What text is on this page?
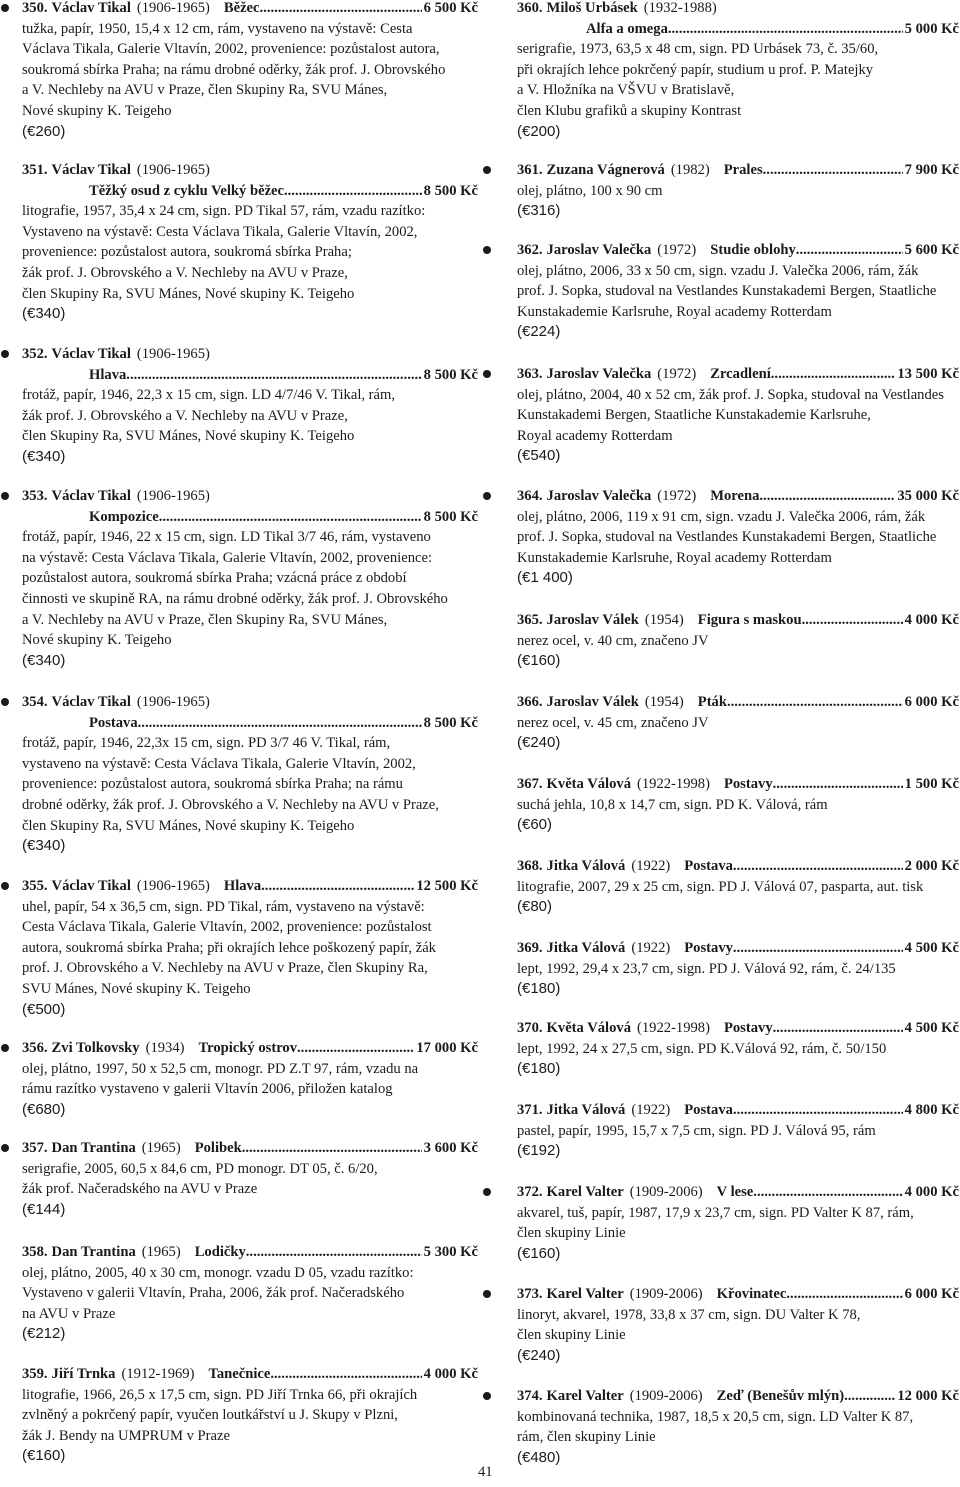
350. Václav Tikal (1906-1965) Běžec .....	6 500 Kč
tužka, papír, 1950, 15,4 x 12 cm, rám, vystaveno na výstavě: Cesta
Václava Tikala, Galerie Vltavín, 2002, provenience: pozůstalost autora,
soukromá sbírka Praha; na rámu drobné oděrky, žák prof. J. Obrovského
a V. Nechleby na AVU v Praze, člen Skupiny Ra, SVU Mánes,
Nové skupiny K. Teigeho
(€260)
351. Václav Tikal (1906-1965)
Těžký osud z cyklu Velký běžec .....	8 500 Kč
litografie, 1957, 35,4 x 24 cm, sign. PD Tikal 57, rám, vzadu razítko:
Vystaveno na výstavě: Cesta Václava Tikala, Galerie Vltavín, 2002,
provenience: pozůstalost autora, soukromá sbírka Praha;
žák prof. J. Obrovského a V. Nechleby na AVU v Praze,
člen Skupiny Ra, SVU Mánes, Nové skupiny K. Teigeho
(€340)
352. Václav Tikal (1906-1965)
Hlava .....	8 500 Kč
frotáž, papír, 1946, 22,3 x 15 cm, sign. LD 4/7/46 V. Tikal, rám,
žák prof. J. Obrovského a V. Nechleby na AVU v Praze,
člen Skupiny Ra, SVU Mánes, Nové skupiny K. Teigeho
(€340)
353. Václav Tikal (1906-1965)
Kompozice .....	8 500 Kč
frotáž, papír, 1946, 22 x 15 cm, sign. LD Tikal 3/7 46, rám, vystaveno
na výstavě: Cesta Václava Tikala, Galerie Vltavín, 2002, provenience:
pozůstalost autora, soukromá sbírka Praha; vzácná práce z období
činnosti ve skupině RA, na rámu drobné oděrky, žák prof. J. Obrovského
a V. Nechleby na AVU v Praze, člen Skupiny Ra, SVU Mánes,
Nové skupiny K. Teigeho
(€340)
354. Václav Tikal (1906-1965)
Postava .....	8 500 Kč
frotáž, papír, 1946, 22,3x 15 cm, sign. PD 3/7 46 V. Tikal, rám,
vystaveno na výstavě: Cesta Václava Tikala, Galerie Vltavín, 2002,
provenience: pozůstalost autora, soukromá sbírka Praha; na rámu
drobné oděrky, žák prof. J. Obrovského a V. Nechleby na AVU v Praze,
člen Skupiny Ra, SVU Mánes, Nové skupiny K. Teigeho
(€340)
355. Václav Tikal (1906-1965) Hlava .....	12 500 Kč
uhel, papír, 54 x 36,5 cm, sign. PD Tikal, rám, vystaveno na výstavě:
Cesta Václava Tikala, Galerie Vltavín, 2002, provenience: pozůstalost
autora, soukromá sbírka Praha; při okrajích lehce poškozený papír, žák
prof. J. Obrovského a V. Nechleby na AVU v Praze, člen Skupiny Ra,
SVU Mánes, Nové skupiny K. Teigeho
(€500)
356. Zvi Tolkovsky (1934) Tropický ostrov .....	17 000 Kč
olej, plátno, 1997, 50 x 52,5 cm, monogr. PD Z.T 97, rám, vzadu na
rámu razítko vystaveno v galerii Vltavín 2006, přiložen katalog
(€680)
357. Dan Trantina (1965) Polibek .....	3 600 Kč
serigrafie, 2005, 60,5 x 84,6 cm, PD monogr. DT 05, č. 6/20,
žák prof. Načeradského na AVU v Praze
(€144)
358. Dan Trantina (1965) Lodičky .....	5 300 Kč
olej, plátno, 2005, 40 x 30 cm, monogr. vzadu D 05, vzadu razítko:
Vystaveno v galerii Vltavín, Praha, 2006, žák prof. Načeradského
na AVU v Praze
(€212)
359. Jiří Trnka (1912-1969) Tanečnice .....	4 000 Kč
litografie, 1966, 26,5 x 17,5 cm, sign. PD Jiří Trnka 66, při okrajích
zvlněný a pokrčený papír, vyučen loutkářství u J. Skupy v Plzni,
žák J. Bendy na UMPRUM v Praze
(€160)
360. Miloš Urbásek (1932-1988)
Alfa a omega .....	5 000 Kč
serigrafie, 1973, 63,5 x 48 cm, sign. PD Urbásek 73, č. 35/60,
při okrajích lehce pokrčený papír, studium u prof. P. Matejky
a V. Hložníka na VŠVU v Bratislavě,
člen Klubu grafiků a skupiny Kontrast
(€200)
361. Zuzana Vágnerová (1982) Prales .....	7 900 Kč
olej, plátno, 100 x 90 cm
(€316)
362. Jaroslav Valečka (1972) Studie oblohy .....	5 600 Kč
olej, plátno, 2006, 33 x 50 cm, sign. vzadu J. Valečka 2006, rám, žák
prof. J. Sopka, studoval na Vestlandes Kunstakademi Bergen, Staatliche
Kunstakademie Karlsruhe, Royal academy Rotterdam
(€224)
363. Jaroslav Valečka (1972) Zrcadlení .....	13 500 Kč
olej, plátno, 2004, 40 x 52 cm, žák prof. J. Sopka, studoval na Vestlandes
Kunstakademi Bergen, Staatliche Kunstakademie Karlsruhe,
Royal academy Rotterdam
(€540)
364. Jaroslav Valečka (1972) Morena .....	35 000 Kč
olej, plátno, 2006, 119 x 91 cm, sign. vzadu J. Valečka 2006, rám, žák
prof. J. Sopka, studoval na Vestlandes Kunstakademi Bergen, Staatliche
Kunstakademie Karlsruhe, Royal academy Rotterdam
(€1 400)
365. Jaroslav Válek (1954) Figura s maskou .....	4 000 Kč
nerez ocel, v. 40 cm, značeno JV
(€160)
366. Jaroslav Válek (1954) Pták .....	6 000 Kč
nerez ocel, v. 45 cm, značeno JV
(€240)
367. Květa Válová (1922-1998) Postavy .....	1 500 Kč
suchá jehla, 10,8 x 14,7 cm, sign. PD K. Válová, rám
(€60)
368. Jitka Válová (1922) Postava .....	2 000 Kč
litografie, 2007, 29 x 25 cm, sign. PD J. Válová 07, pasparta, aut. tisk
(€80)
369. Jitka Válová (1922) Postavy .....	4 500 Kč
lept, 1992, 29,4 x 23,7 cm, sign. PD J. Válová 92, rám, č. 24/135
(€180)
370. Květa Válová (1922-1998) Postavy .....	4 500 Kč
lept, 1992, 24 x 27,5 cm, sign. PD K.Válová 92, rám, č. 50/150
(€180)
371. Jitka Válová (1922) Postava .....	4 800 Kč
pastel, papír, 1995, 15,7 x 7,5 cm, sign. PD J. Válová 95, rám
(€192)
372. Karel Valter (1909-2006) V lese .....	4 000 Kč
akvarel, tuš, papír, 1987, 17,9 x 23,7 cm, sign. PD Valter K 87, rám,
člen skupiny Linie
(€160)
373. Karel Valter (1909-2006) Křovinatec .....	6 000 Kč
linoryt, akvarel, 1978, 33,8 x 37 cm, sign. DU Valter K 78,
člen skupiny Linie
(€240)
374. Karel Valter (1909-2006) Zeď (Benešův mlýn) .....	12 000 Kč
kombinovaná technika, 1987, 18,5 x 20,5 cm, sign. LD Valter K 87,
rám, člen skupiny Linie
(€480)
41
